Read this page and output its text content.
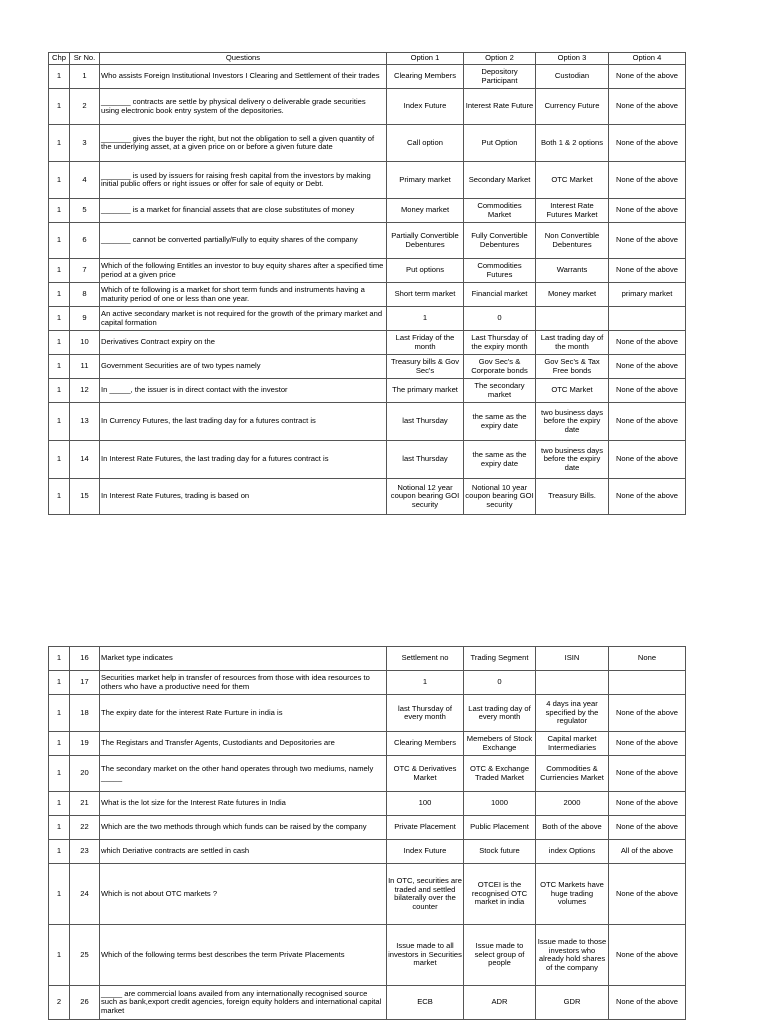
Chp	Sr No.	Questions	Option 1	Option 2	Option 3	Option 4
1	1	Who assists Foreign Institutional Investors I Clearing and Settlement of their trades	Clearing Members	Depository Participant	Custodian	None of the above
1	2	_______ contracts are settle by physical delivery o deliverable grade securities using electronic book entry system of the depositories.	Index Future	Interest Rate Future	Currency Future	None of the above
1	3	_______ gives the buyer the right, but not the obligation to sell a given quantity of the underlying asset, at a given price on or before a given future date	Call option	Put Option	Both 1 & 2 options	None of the above
1	4	_______ is used by issuers for raising fresh capital from the investors by making initial public offers or right issues or offer for sale of equity or Debt.	Primary market	Secondary Market	OTC Market	None of the above
1	5	_______ is a market for financial assets that are close substitutes of money	Money market	Commodities Market	Interest Rate Futures Market	None of the above
1	6	_______ cannot be converted partially/Fully to equity shares of the company	Partially Convertible Debentures	Fully Convertible Debentures	Non Convertible Debentures	None of the above
1	7	Which of the following Entitles an investor to buy equity shares after a specified time period at a given price	Put options	Commodities Futures	Warrants	None of the above
1	8	Which of te following is a market for short term funds and instruments having a maturity period of one or less than one year.	Short term market	Financial market	Money market	primary market
1	9	An active secondary market is not required for the growth of the primary market and capital formation	1	0		
1	10	Derivatives Contract expiry on the	Last Friday of the month	Last Thursday of the expiry month	Last trading day of the month	None of the above
1	11	Government Securities are of two types namely	Treasury bills & Gov Sec's	Gov Sec's & Corporate bonds	Gov Sec's & Tax Free bonds	None of the above
1	12	In _____, the issuer is in direct contact with the investor	The primary market	The secondary market	OTC Market	None of the above
1	13	In Currency Futures, the last trading day for a futures contract is	last Thursday	the same as the expiry date	two business days before the expiry date	None of the above
1	14	In Interest Rate Futures, the last trading day for a futures contract is	last Thursday	the same as the expiry date	two business days before the expiry date	None of the above
1	15	In Interest Rate Futures, trading is based on	Notional 12 year coupon bearing GOI security	Notional 10 year coupon bearing GOI security	Treasury Bills.	None of the above
1	16	Market type indicates	Settlement no	Trading Segment	ISIN	None
1	17	Securities market help in transfer of resources from those with idea resources to others who have a productive need for them	1	0		
1	18	The expiry date for the interest Rate Furture in india is	last Thursday of every month	Last trading day of every month	4 days ina year specified by the regulator	None of the above
1	19	The Registars and Transfer Agents, Custodiants and Depositories are	Clearing Members	Memebers of Stock Exchange	Capital market Intermediaries	None of the above
1	20	The secondary market on the other hand operates through two mediums, namely _____	OTC & Derivatives Market	OTC & Exchange Traded Market	Commodities & Curriencies Market	None of the above
1	21	What is the lot size for the Interest Rate futures in India	100	1000	2000	None of the above
1	22	Which are the two methods through which funds can be raised by the company	Private Placement	Public Placement	Both of the above	None of the above
1	23	which Deriative contracts are settled in cash	Index Future	Stock future	index Options	All of the above
1	24	Which is not about OTC markets ?	In OTC, securities are traded and settled bilaterally over the counter	OTCEI is the recognised OTC market in india	OTC Markets have huge trading volumes	None of the above
1	25	Which of the following terms best describes the term Private Placements	Issue made to all investors in Securities market	Issue made to select group of people	Issue made to those investors who already hold shares of the company	None of the above
2	26	_____ are commercial loans availed from any internationally recognised source such as bank,export credit agencies, foreign equity holders and international capital market	ECB	ADR	GDR	None of the above
